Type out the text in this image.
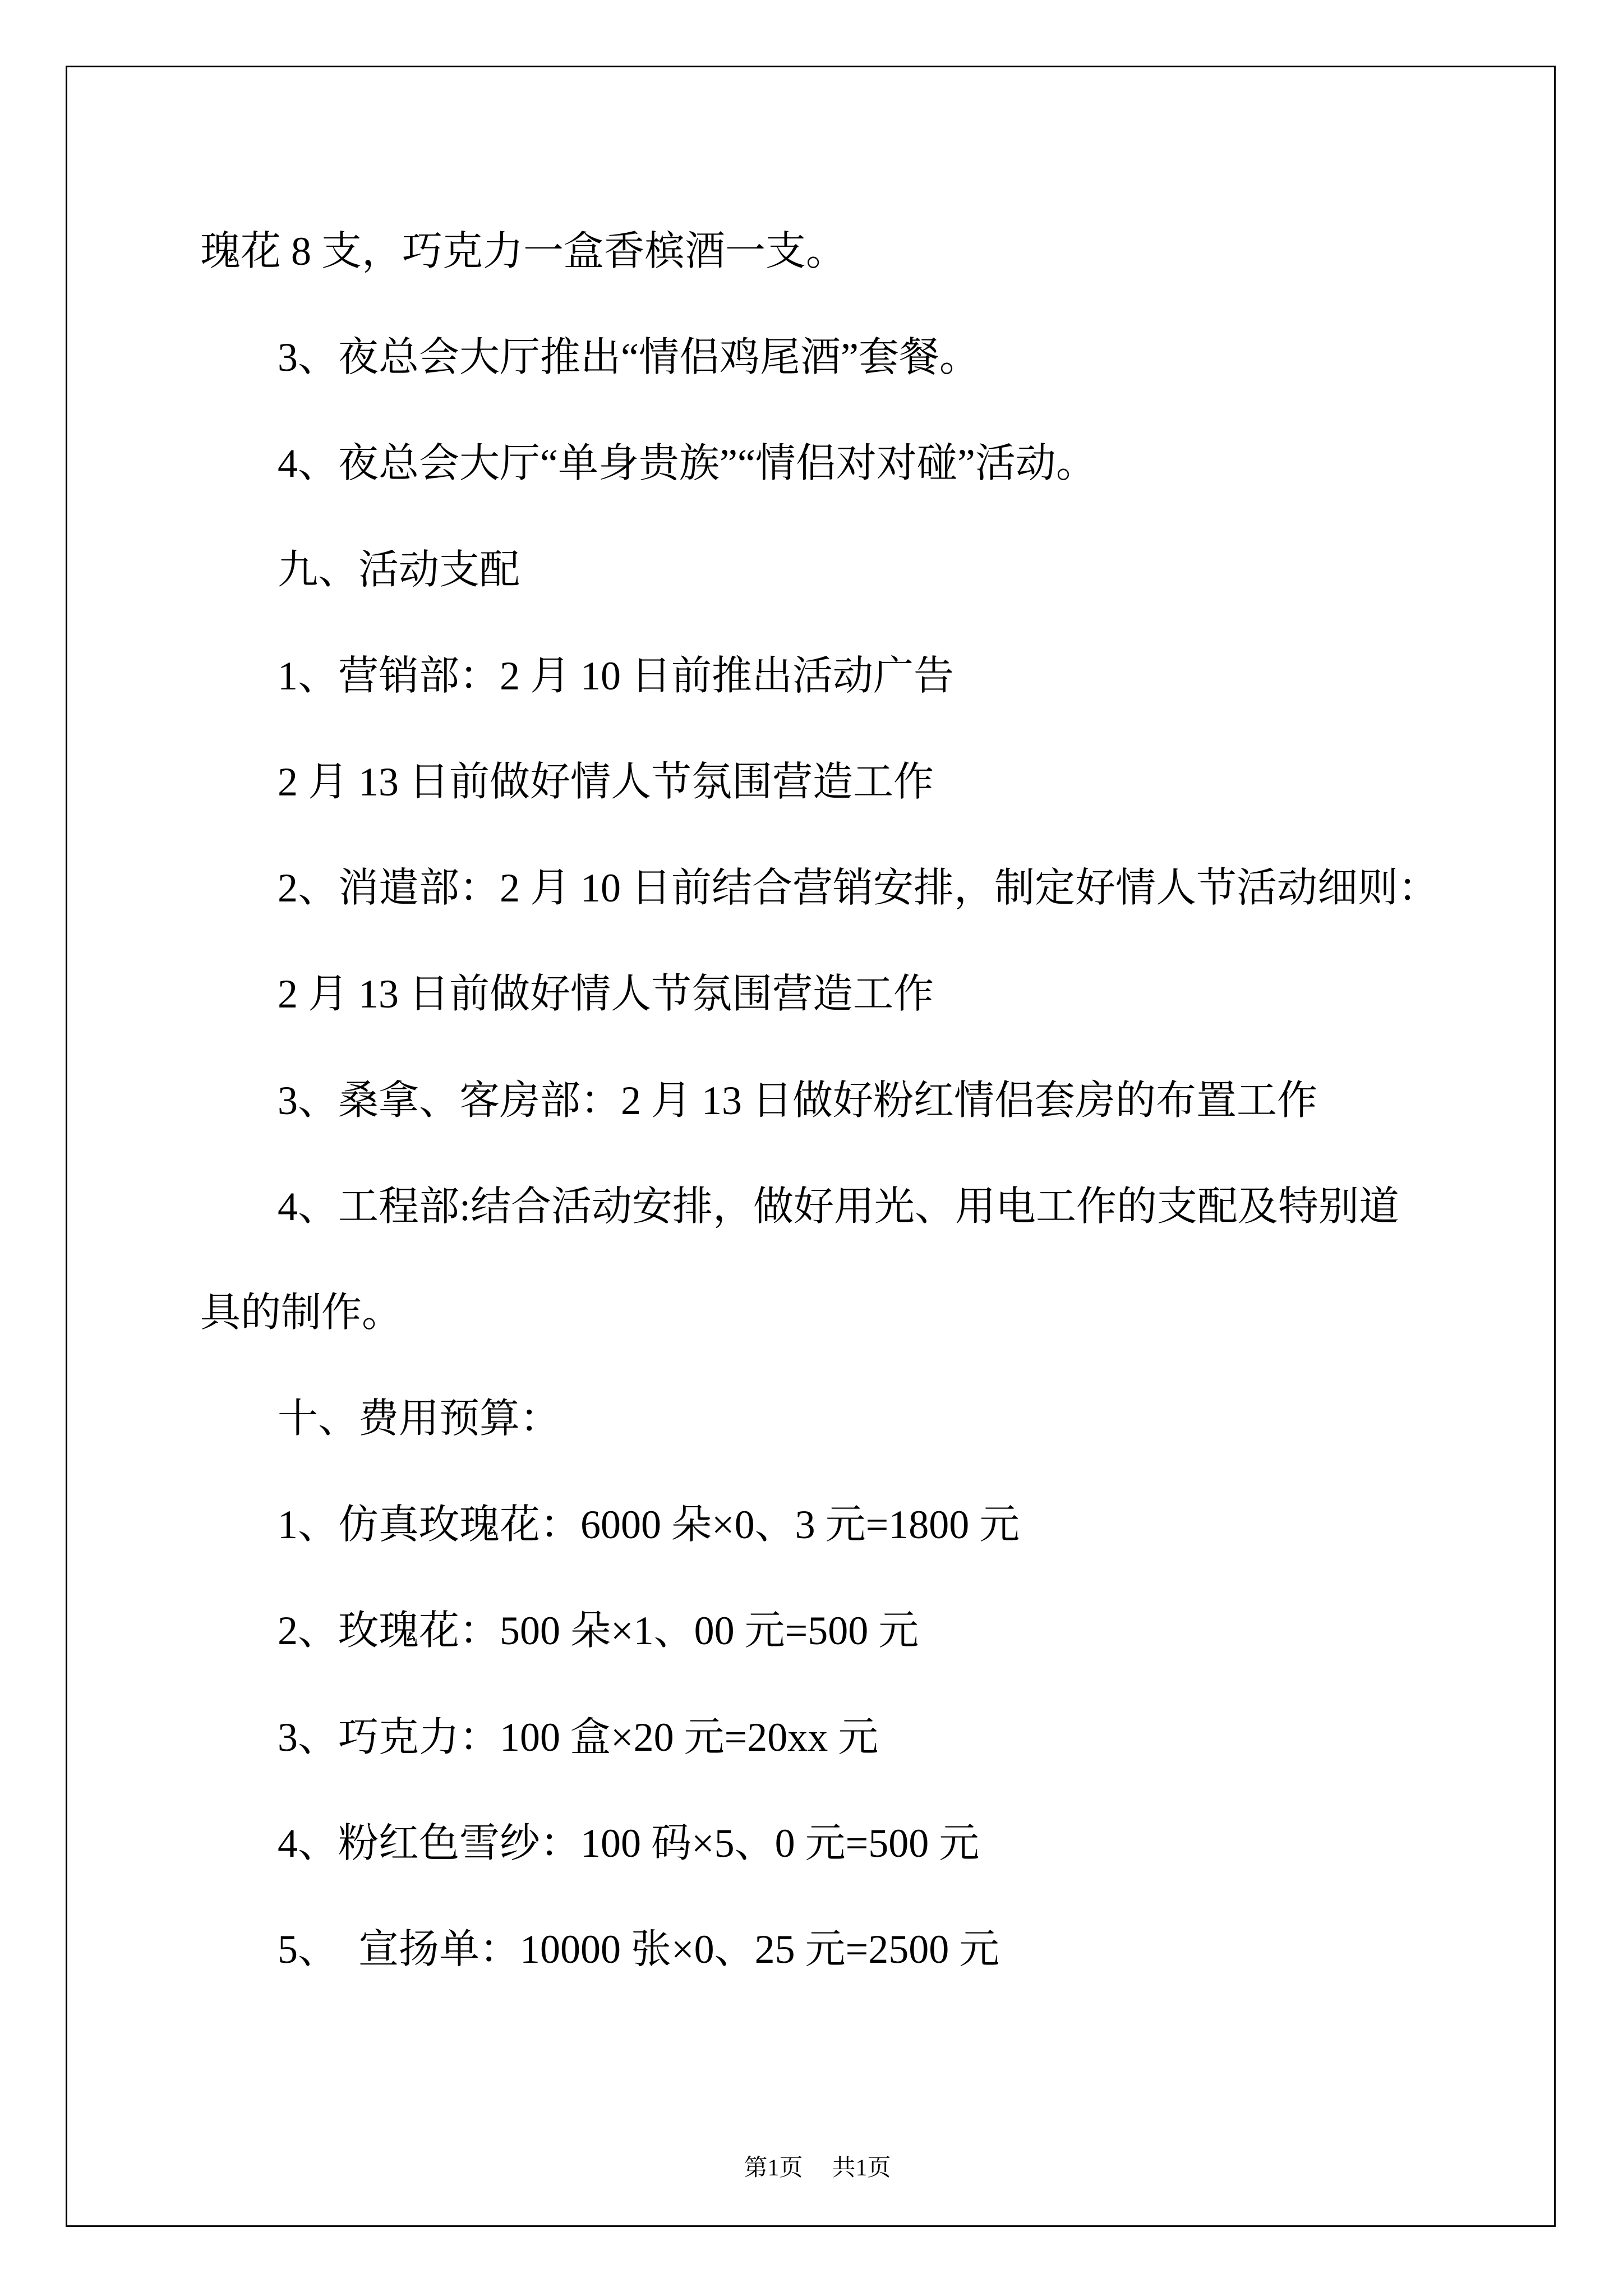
瑰花 8 支，巧克力一盒香槟酒一支。

3、夜总会大厅推出“情侣鸡尾酒”套餐。

4、夜总会大厅“单身贵族”“情侣对对碰”活动。

九、活动支配

1、营销部：2 月 10 日前推出活动广告

2 月 13 日前做好情人节氛围营造工作

2、消遣部：2 月 10 日前结合营销安排，制定好情人节活动细则：

2 月 13 日前做好情人节氛围营造工作

3、桑拿、客房部：2 月 13 日做好粉红情侣套房的布置工作

4、工程部:结合活动安排，做好用光、用电工作的支配及特别道

具的制作。

十、费用预算：

1、仿真玫瑰花：6000 朵×0、3 元=1800 元

2、玫瑰花：500 朵×1、00 元=500 元

3、巧克力：100 盒×20 元=20xx 元

4、粉红色雪纱：100 码×5、0 元=500 元

5、  宣扬单：10000 张×0、25 元=2500 元

第1页 共1页
